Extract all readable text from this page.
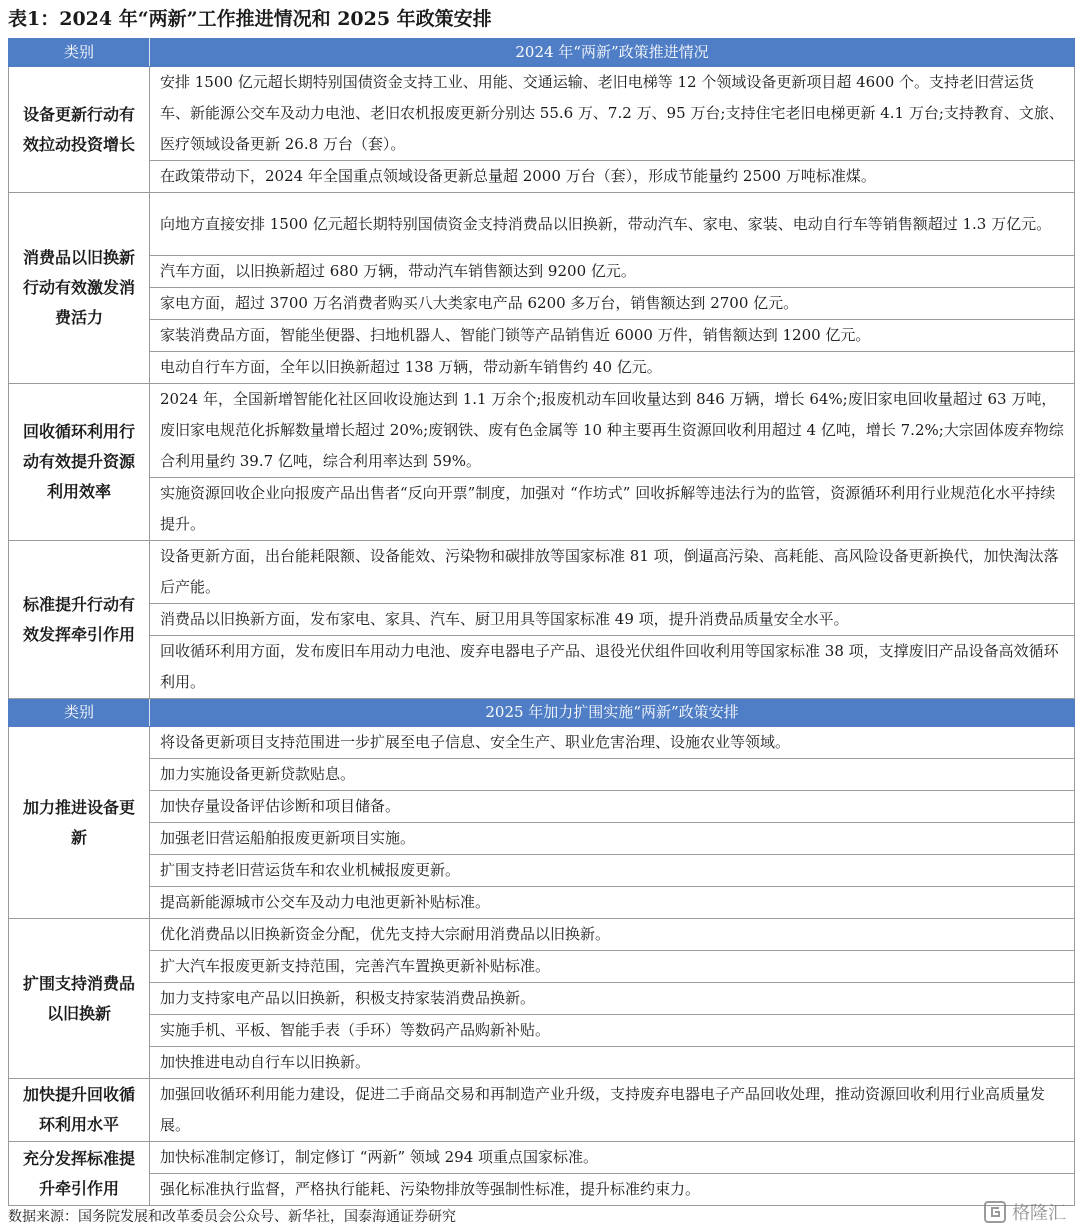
表1：2024 年“两新”工作推进情况和 2025 年政策安排
类别	2024 年“两新”政策推进情况
设备更新行动有效拉动投资增长	安排 1500 亿元超长期特别国债资金支持工业、用能、交通运输、老旧电梯等 12 个领域设备更新项目超 4600 个。支持老旧营运货车、新能源公交车及动力电池、老旧农机报废更新分别达 55.6 万、7.2 万、95 万台;支持住宅老旧电梯更新 4.1 万台;支持教育、文旅、医疗领域设备更新 26.8 万台（套）。
	在政策带动下，2024 年全国重点领域设备更新总量超 2000 万台（套），形成节能量约 2500 万吨标准煤。
消费品以旧换新行动有效激发消费活力	向地方直接安排 1500 亿元超长期特别国债资金支持消费品以旧换新，带动汽车、家电、家装、电动自行车等销售额超过 1.3 万亿元。
	汽车方面，以旧换新超过 680 万辆，带动汽车销售额达到 9200 亿元。
	家电方面，超过 3700 万名消费者购买八大类家电产品 6200 多万台，销售额达到 2700 亿元。
	家装消费品方面，智能坐便器、扫地机器人、智能门锁等产品销售近 6000 万件，销售额达到 1200 亿元。
	电动自行车方面，全年以旧换新超过 138 万辆，带动新车销售约 40 亿元。
回收循环利用行动有效提升资源利用效率	2024 年，全国新增智能化社区回收设施达到 1.1 万余个;报废机动车回收量达到 846 万辆，增长 64%;废旧家电回收量超过 63 万吨，废旧家电规范化拆解数量增长超过 20%;废钢铁、废有色金属等 10 种主要再生资源回收利用超过 4 亿吨，增长 7.2%;大宗固体废弃物综合利用量约 39.7 亿吨，综合利用率达到 59%。
	实施资源回收企业向报废产品出售者“反向开票”制度，加强对 “作坊式” 回收拆解等违法行为的监管，资源循环利用行业规范化水平持续提升。
标准提升行动有效发挥牵引作用	设备更新方面，出台能耗限额、设备能效、污染物和碳排放等国家标准 81 项，倒逼高污染、高耗能、高风险设备更新换代，加快淘汰落后产能。
	消费品以旧换新方面，发布家电、家具、汽车、厨卫用具等国家标准 49 项，提升消费品质量安全水平。
	回收循环利用方面，发布废旧车用动力电池、废弃电器电子产品、退役光伏组件回收利用等国家标准 38 项，支撑废旧产品设备高效循环利用。
类别	2025 年加力扩围实施“两新”政策安排
加力推进设备更新	将设备更新项目支持范围进一步扩展至电子信息、安全生产、职业危害治理、设施农业等领域。
	加力实施设备更新贷款贴息。
	加快存量设备评估诊断和项目储备。
	加强老旧营运船舶报废更新项目实施。
	扩围支持老旧营运货车和农业机械报废更新。
	提高新能源城市公交车及动力电池更新补贴标准。
扩围支持消费品以旧换新	优化消费品以旧换新资金分配，优先支持大宗耐用消费品以旧换新。
	扩大汽车报废更新支持范围，完善汽车置换更新补贴标准。
	加力支持家电产品以旧换新，积极支持家装消费品换新。
	实施手机、平板、智能手表（手环）等数码产品购新补贴。
	加快推进电动自行车以旧换新。
加快提升回收循环利用水平	加强回收循环利用能力建设，促进二手商品交易和再制造产业升级，支持废弃电器电子产品回收处理，推动资源回收利用行业高质量发展。
充分发挥标准提升牵引作用	加快标准制定修订，制定修订 “两新” 领域 294 项重点国家标准。
	强化标准执行监督，严格执行能耗、污染物排放等强制性标准，提升标准约束力。
数据来源：国务院发展和改革委员会公众号、新华社，国泰海通证券研究	格隆汇
